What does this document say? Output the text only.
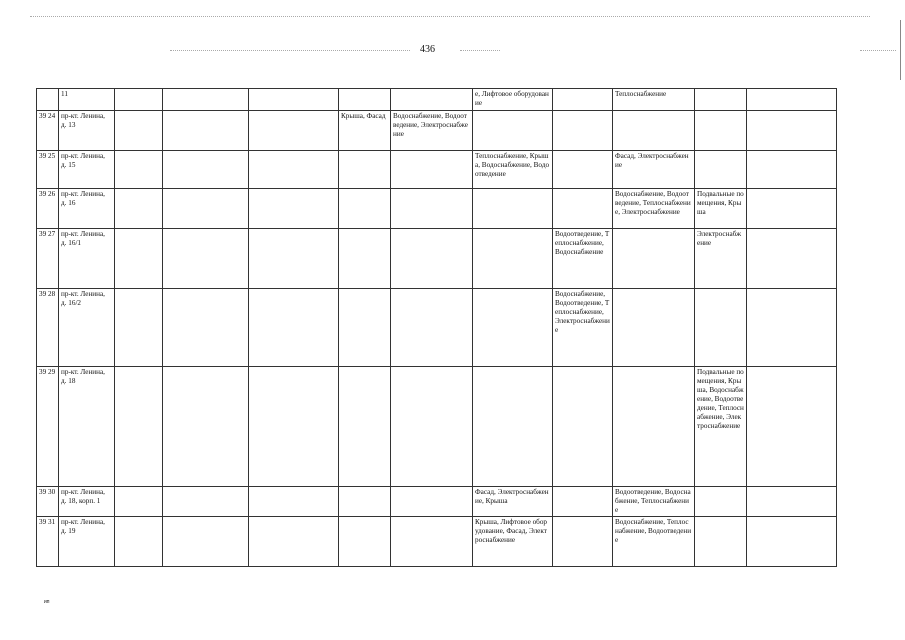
436
	11						е, Лифтовое оборудование		Теплоснабжение		
39 24	пр-кт. Ленина, д. 13				Крыша, Фасад	Водоснабжение, Водоотведение, Электроснабжение					
39 25	пр-кт. Ленина, д. 15						Теплоснабжение, Крыша, Водоснабжение, Водоотведение		Фасад, Электроснабжение		
39 26	пр-кт. Ленина, д. 16								Водоснабжение, Водоотведение, Теплоснабжение, Электроснабжение	Подвальные помещения, Крыша	
39 27	пр-кт. Ленина, д. 16/1							Водоотведение, Теплоснабжение, Водоснабжение		Электроснабжение	
39 28	пр-кт. Ленина, д. 16/2							Водоснабжение, Водоотведение, Теплоснабжение, Электроснабжение			
39 29	пр-кт. Ленина, д. 18									Подвальные помещения, Крыша, Водоснабжение, Водоотведение, Теплоснабжение, Электроснабжение	
39 30	пр-кт. Ленина, д. 18, корп. 1						Фасад, Электроснабжение, Крыша		Водоотведение, Водоснабжение, Теплоснабжение		
39 31	пр-кт. Ленина, д. 19						Крыша, Лифтовое оборудование, Фасад, Электроснабжение		Водоснабжение, Теплоснабжение, Водоотведение		
ип
